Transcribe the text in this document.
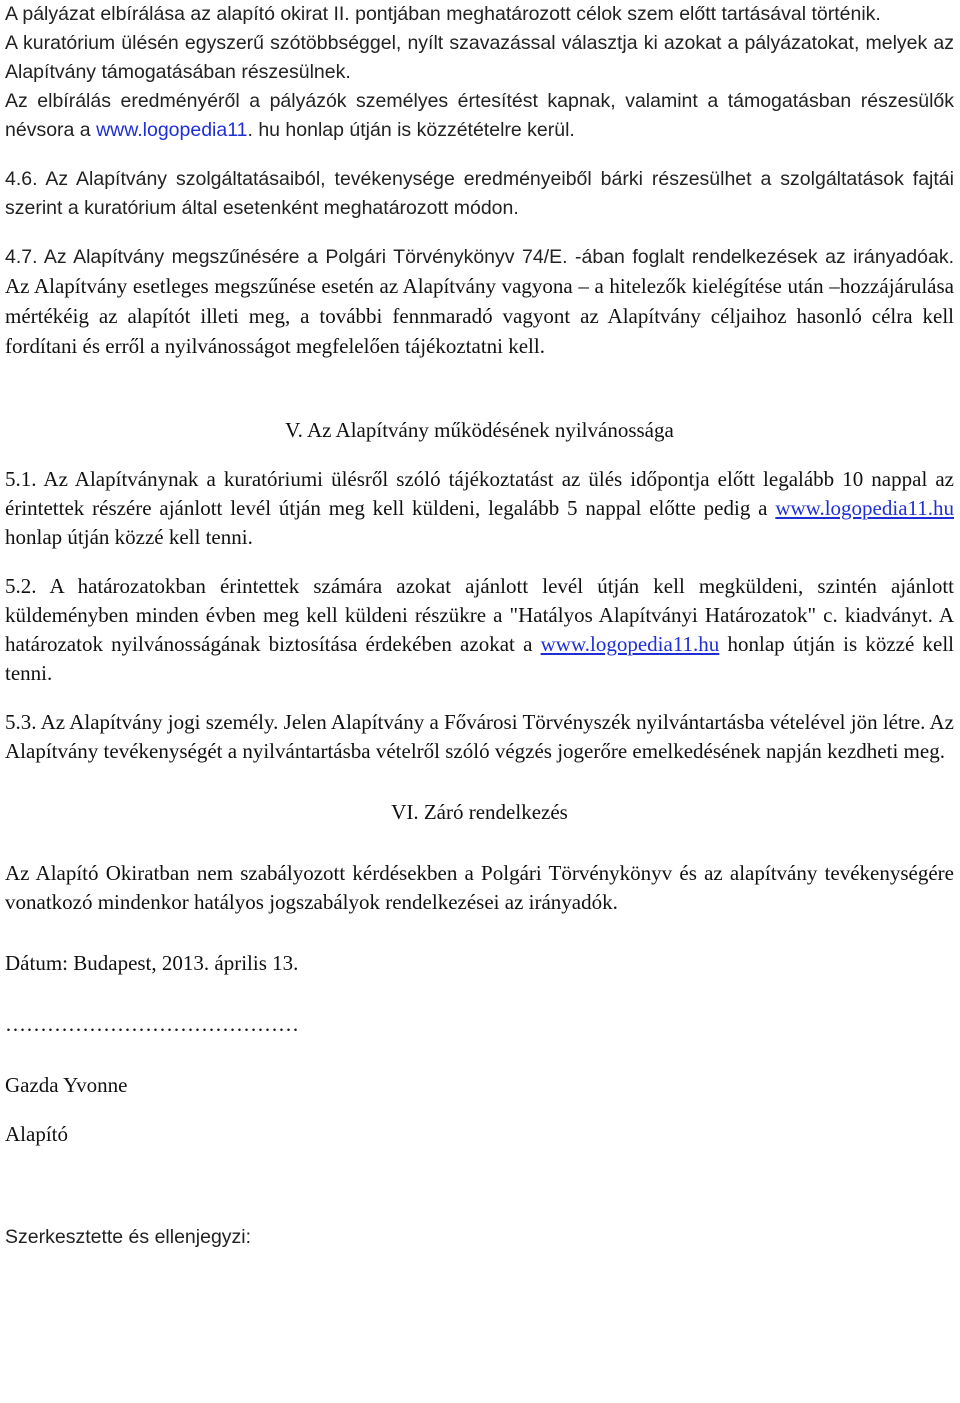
A pályázat elbírálása az alapító okirat II. pontjában meghatározott célok szem előtt tartásával történik.
A kuratórium ülésén egyszerű szótöbbséggel, nyílt szavazással választja ki azokat a pályázatokat, melyek az Alapítvány támogatásában részesülnek.
Az elbírálás eredményéről a pályázók személyes értesítést kapnak, valamint a támogatásban részesülők névsora a www.logopedia11. hu honlap útján is közzétételre kerül.

4.6. Az Alapítvány szolgáltatásaiból, tevékenysége eredményeiből bárki részesülhet a szolgáltatások fajtái szerint a kuratórium által esetenként meghatározott módon.

4.7. Az Alapítvány megszűnésére a Polgári Törvénykönyv 74/E. -ában foglalt rendelkezések az irányadóak. Az Alapítvány esetleges megszűnése esetén az Alapítvány vagyona – a hitelezők kielégítése után –hozzájárulása mértékéig az alapítót illeti meg, a további fennmaradó vagyont az Alapítvány céljaihoz hasonló célra kell fordítani és erről a nyilvánosságot megfelelően tájékoztatni kell.

V. Az Alapítvány működésének nyilvánossága

5.1. Az Alapítványnak a kuratóriumi ülésről szóló tájékoztatást az ülés időpontja előtt legalább 10 nappal az érintettek részére ajánlott levél útján meg kell küldeni, legalább 5 nappal előtte pedig a www.logopedia11.hu honlap útján közzé kell tenni.

5.2. A határozatokban érintettek számára azokat ajánlott levél útján kell megküldeni, szintén ajánlott küldeményben minden évben meg kell küldeni részükre a "Hatályos Alapítványi Határozatok" c. kiadványt. A határozatok nyilvánosságának biztosítása érdekében azokat a www.logopedia11.hu honlap útján is közzé kell tenni.

5.3. Az Alapítvány jogi személy. Jelen Alapítvány a Fővárosi Törvényszék nyilvántartásba vételével jön létre. Az Alapítvány tevékenységét a nyilvántartásba vételről szóló végzés jogerőre emelkedésének napján kezdheti meg.

VI. Záró rendelkezés

Az Alapító Okiratban nem szabályozott kérdésekben a Polgári Törvénykönyv és az alapítvány tevékenységére vonatkozó mindenkor hatályos jogszabályok rendelkezései az irányadók.

Dátum: Budapest, 2013. április 13.

……………………………………

Gazda Yvonne

Alapító

Szerkesztette és ellenjegyzi:
